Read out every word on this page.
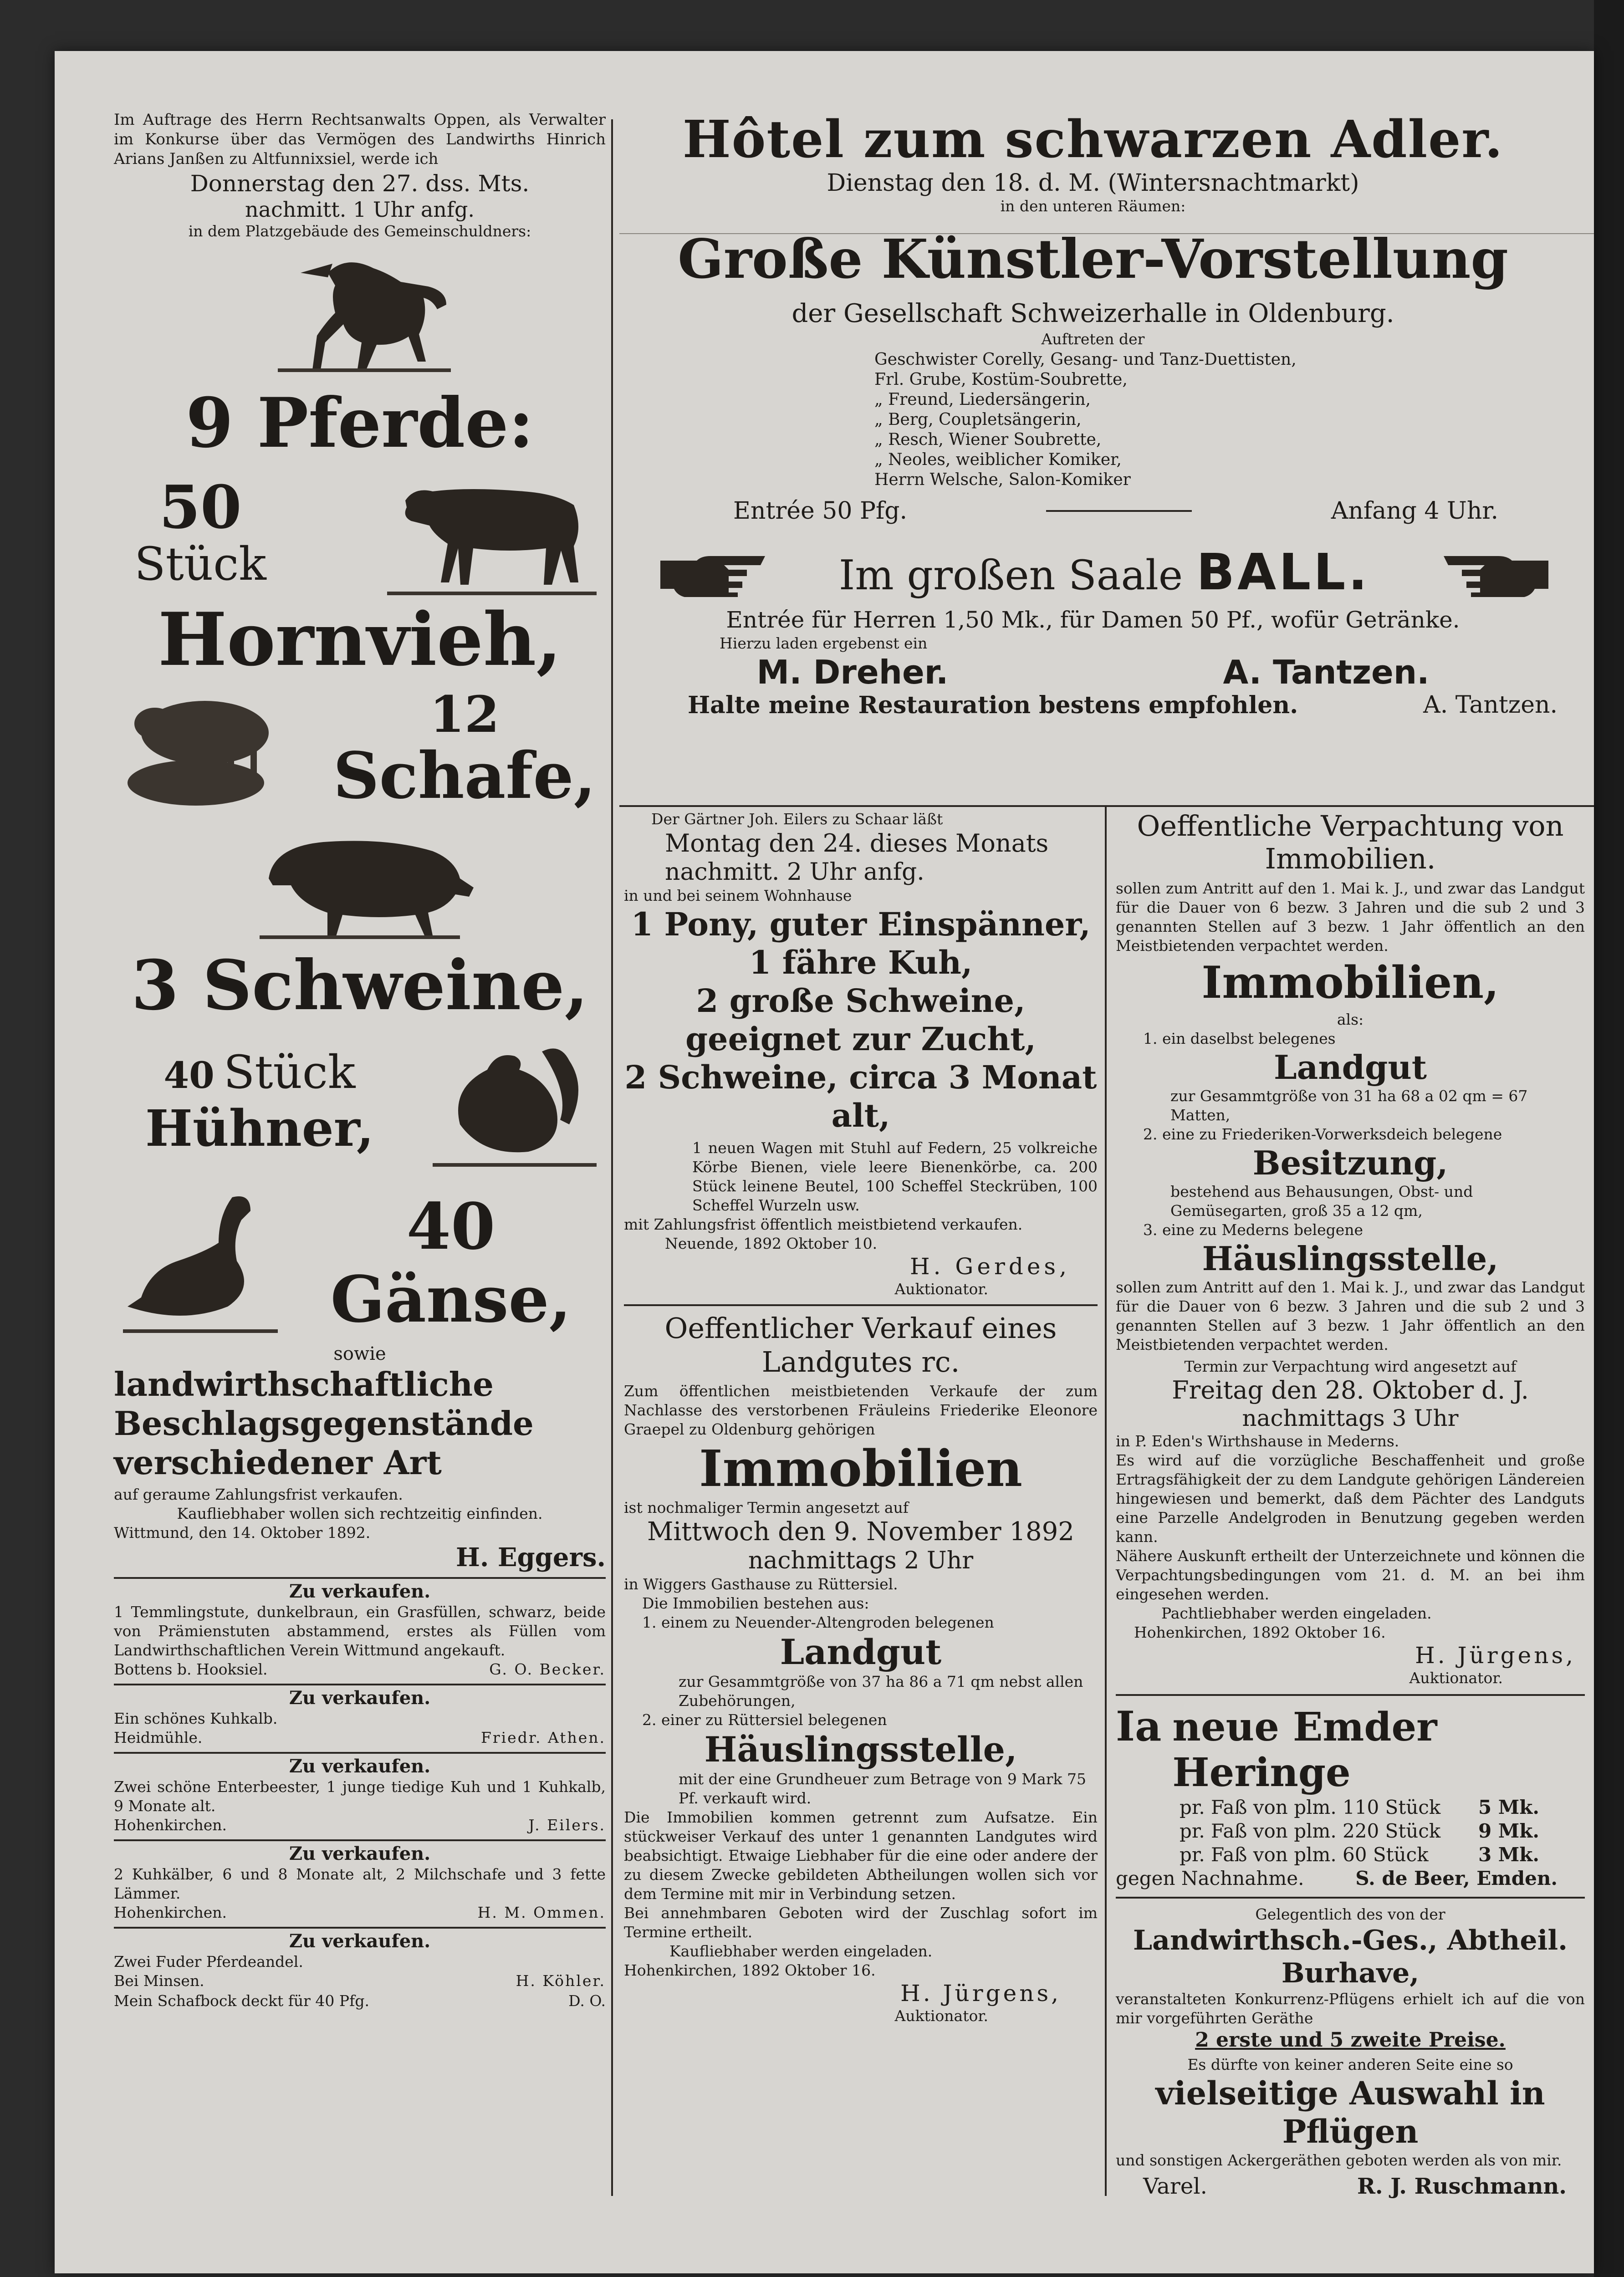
Im Auftrage des Herrn Rechtsanwalts Oppen, als Verwalter im Konkurse über das Vermögen des Landwirths Hinrich Arians Janßen zu Altfunnixsiel, werde ich

Donnerstag den 27. dss. Mts.

nachmitt. 1 Uhr anfg.

in dem Platzgebäude des Gemeinschuldners:

9 Pferde:

50

Stück

Hornvieh,

12

Schafe,

3 Schweine,

40 Stück

Hühner,

40 Gänse,

sowie

landwirthschaftliche Beschlagsgegenstände verschiedener Art

auf geraume Zahlungsfrist verkaufen.

Kaufliebhaber wollen sich rechtzeitig einfinden.

Wittmund, den 14. Oktober 1892.

H. Eggers.

Zu verkaufen.

1 Temmlingstute, dunkelbraun, ein Grasfüllen, schwarz, beide von Prämienstuten abstammend, erstes als Füllen vom Landwirthschaftlichen Verein Wittmund angekauft.

Bottens b. Hooksiel.	G. O. Becker.

Zu verkaufen.

Ein schönes Kuhkalb.

Heidmühle.	Friedr. Athen.

Zu verkaufen.

Zwei schöne Enterbeester, 1 junge tiedige Kuh und 1 Kuhkalb, 9 Monate alt.

Hohenkirchen.	J. Eilers.

Zu verkaufen.

2 Kuhkälber, 6 und 8 Monate alt, 2 Milchschafe und 3 fette Lämmer.

Hohenkirchen.	H. M. Ommen.

Zu verkaufen.

Zwei Fuder Pferdeandel.

Bei Minsen.	H. Köhler.
Mein Schafbock deckt für 40 Pfg.	D. O.

Hôtel zum schwarzen Adler.

Dienstag den 18. d. M. (Wintersnachtmarkt)

in den unteren Räumen:

Große Künstler-Vorstellung

der Gesellschaft Schweizerhalle in Oldenburg.

Auftreten der

Geschwister Corelly, Gesang- und Tanz-Duettisten,

Frl. Grube, Kostüm-Soubrette,

„ Freund, Liedersängerin,

„ Berg, Coupletsängerin,

„ Resch, Wiener Soubrette,

„ Neoles, weiblicher Komiker,

Herrn Welsche, Salon-Komiker

Entrée 50 Pfg.	Anfang 4 Uhr.
Im großen Saale BALL.

Entrée für Herren 1,50 Mk., für Damen 50 Pf., wofür Getränke.

Hierzu laden ergebenst ein

M. Dreher.	A. Tantzen.
Halte meine Restauration bestens empfohlen.	A. Tantzen.

Der Gärtner Joh. Eilers zu Schaar läßt

Montag den 24. dieses Monats

nachmitt. 2 Uhr anfg.

in und bei seinem Wohnhause

1 Pony, guter Einspänner,

1 fähre Kuh,

2 große Schweine, geeignet zur Zucht,

2 Schweine, circa 3 Monat alt,

1 neuen Wagen mit Stuhl auf Federn, 25 volkreiche Körbe Bienen, viele leere Bienenkörbe, ca. 200 Stück leinene Beutel, 100 Scheffel Steckrüben, 100 Scheffel Wurzeln usw.

mit Zahlungsfrist öffentlich meistbietend verkaufen.

Neuende, 1892 Oktober 10.

H. Gerdes,

Auktionator.

Oeffentlicher Verkauf eines Landgutes rc.

Zum öffentlichen meistbietenden Verkaufe der zum Nachlasse des verstorbenen Fräuleins Friederike Eleonore Graepel zu Oldenburg gehörigen

Immobilien

ist nochmaliger Termin angesetzt auf

Mittwoch den 9. November 1892

nachmittags 2 Uhr

in Wiggers Gasthause zu Rüttersiel.

Die Immobilien bestehen aus:

1. einem zu Neuender-Altengroden belegenen

Landgut

zur Gesammtgröße von 37 ha 86 a 71 qm nebst allen Zubehörungen,

2. einer zu Rüttersiel belegenen

Häuslingsstelle,

mit der eine Grundheuer zum Betrage von 9 Mark 75 Pf. verkauft wird.

Die Immobilien kommen getrennt zum Aufsatze. Ein stückweiser Verkauf des unter 1 genannten Landgutes wird beabsichtigt. Etwaige Liebhaber für die eine oder andere der zu diesem Zwecke gebildeten Abtheilungen wollen sich vor dem Termine mit mir in Verbindung setzen.

Bei annehmbaren Geboten wird der Zuschlag sofort im Termine ertheilt.

Kaufliebhaber werden eingeladen.

Hohenkirchen, 1892 Oktober 16.

H. Jürgens,

Auktionator.

Oeffentliche Verpachtung von Immobilien.

sollen zum Antritt auf den 1. Mai k. J., und zwar das Landgut für die Dauer von 6 bezw. 3 Jahren und die sub 2 und 3 genannten Stellen auf 3 bezw. 1 Jahr öffentlich an den Meistbietenden verpachtet werden.

Immobilien,

als:

1. ein daselbst belegenes

Landgut

zur Gesammtgröße von 31 ha 68 a 02 qm = 67 Matten,

2. eine zu Friederiken-Vorwerksdeich belegene

Besitzung,

bestehend aus Behausungen, Obst- und Gemüsegarten, groß 35 a 12 qm,

3. eine zu Mederns belegene

Häuslingsstelle,

sollen zum Antritt auf den 1. Mai k. J., und zwar das Landgut für die Dauer von 6 bezw. 3 Jahren und die sub 2 und 3 genannten Stellen auf 3 bezw. 1 Jahr öffentlich an den Meistbietenden verpachtet werden.

Termin zur Verpachtung wird angesetzt auf

Freitag den 28. Oktober d. J.

nachmittags 3 Uhr

in P. Eden's Wirthshause in Mederns.

Es wird auf die vorzügliche Beschaffenheit und große Ertragsfähigkeit der zu dem Landgute gehörigen Ländereien hingewiesen und bemerkt, daß dem Pächter des Landguts eine Parzelle Andelgroden in Benutzung gegeben werden kann.

Nähere Auskunft ertheilt der Unterzeichnete und können die Verpachtungsbedingungen vom 21. d. M. an bei ihm eingesehen werden.

Pachtliebhaber werden eingeladen.

Hohenkirchen, 1892 Oktober 16.

H. Jürgens,

Auktionator.

Ia neue Emder Heringe
pr. Faß von plm. 110 Stück 5 Mk.
pr. Faß von plm. 220 Stück 9 Mk.
pr. Faß von plm. 60 Stück	3 Mk.
gegen Nachnahme.	S. de Beer, Emden.

Gelegentlich des von der

Landwirthsch.-Ges., Abtheil. Burhave,

veranstalteten Konkurrenz-Pflügens erhielt ich auf die von mir vorgeführten Geräthe

2 erste und 5 zweite Preise.

Es dürfte von keiner anderen Seite eine so

vielseitige Auswahl in Pflügen

und sonstigen Ackergeräthen geboten werden als von mir.

Varel.	R. J. Ruschmann.
